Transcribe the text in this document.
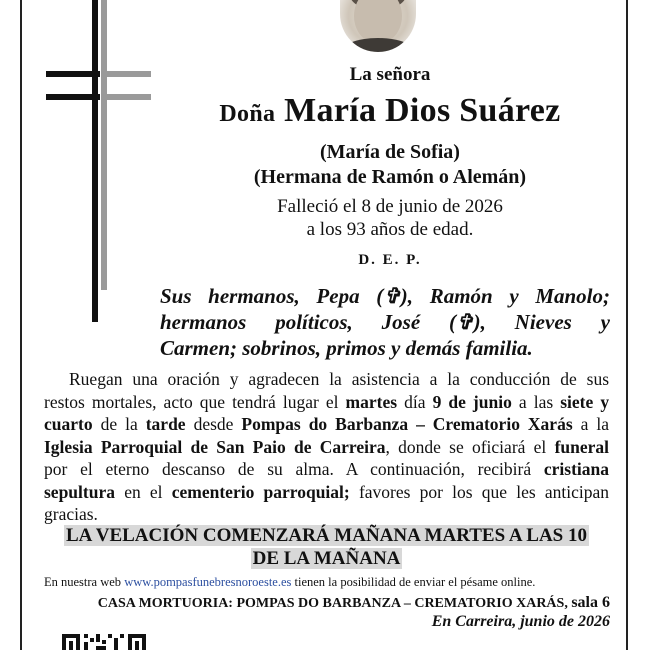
La señora
Doña María Dios Suárez
(María de Sofia)
(Hermana de Ramón o Alemán)
Falleció el 8 de junio de 2026
a los 93 años de edad.
D. E. P.
Sus hermanos, Pepa (✞), Ramón y Manolo;
hermanos políticos, José (✞), Nieves y
Carmen; sobrinos, primos y demás familia.
Ruegan una oración y agradecen la asistencia a la conducción de sus
restos mortales, acto que tendrá lugar el martes día 9 de junio a las siete y
cuarto de la tarde desde Pompas do Barbanza – Crematorio Xarás a la
Iglesia Parroquial de San Paio de Carreira, donde se oficiará el funeral
por el eterno descanso de su alma. A continuación, recibirá cristiana
sepultura en el cementerio parroquial; favores por los que les anticipan
gracias.
LA VELACIÓN COMENZARÁ MAÑANA MARTES A LAS 10
DE LA MAÑANA
En nuestra web www.pompasfunebresnoroeste.es tienen la posibilidad de enviar el pésame online.
CASA MORTUORIA: POMPAS DO BARBANZA – CREMATORIO XARÁS, sala 6
En Carreira, junio de 2026
